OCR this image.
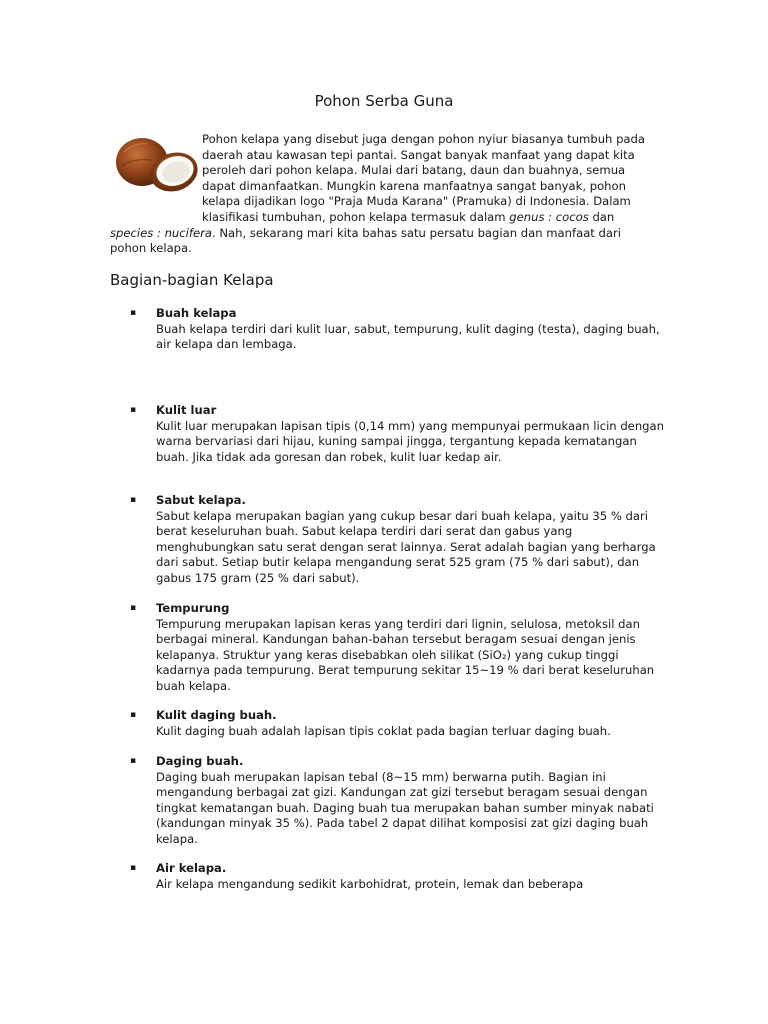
Pohon Serba Guna

Pohon kelapa yang disebut juga dengan pohon nyiur biasanya tumbuh pada daerah atau kawasan tepi pantai. Sangat banyak manfaat yang dapat kita peroleh dari pohon kelapa. Mulai dari batang, daun dan buahnya, semua dapat dimanfaatkan. Mungkin karena manfaatnya sangat banyak, pohon kelapa dijadikan logo "Praja Muda Karana" (Pramuka) di Indonesia. Dalam klasifikasi tumbuhan, pohon kelapa termasuk dalam genus : cocos dan species : nucifera. Nah, sekarang mari kita bahas satu persatu bagian dan manfaat dari pohon kelapa.

Bagian-bagian Kelapa
▪ Buah kelapa
Buah kelapa terdiri dari kulit luar, sabut, tempurung, kulit daging (testa), daging buah, air kelapa dan lembaga.
▪ Kulit luar
Kulit luar merupakan lapisan tipis (0,14 mm) yang mempunyai permukaan licin dengan warna bervariasi dari hijau, kuning sampai jingga, tergantung kepada kematangan buah. Jika tidak ada goresan dan robek, kulit luar kedap air.
▪ Sabut kelapa.
Sabut kelapa merupakan bagian yang cukup besar dari buah kelapa, yaitu 35 % dari berat keseluruhan buah. Sabut kelapa terdiri dari serat dan gabus yang menghubungkan satu serat dengan serat lainnya. Serat adalah bagian yang berharga dari sabut. Setiap butir kelapa mengandung serat 525 gram (75 % dari sabut), dan gabus 175 gram (25 % dari sabut).
▪ Tempurung
Tempurung merupakan lapisan keras yang terdiri dari lignin, selulosa, metoksil dan berbagai mineral. Kandungan bahan-bahan tersebut beragam sesuai dengan jenis kelapanya. Struktur yang keras disebabkan oleh silikat (SiO₂) yang cukup tinggi kadarnya pada tempurung. Berat tempurung sekitar 15~19 % dari berat keseluruhan buah kelapa.
▪ Kulit daging buah.
Kulit daging buah adalah lapisan tipis coklat pada bagian terluar daging buah.
▪ Daging buah.
Daging buah merupakan lapisan tebal (8~15 mm) berwarna putih. Bagian ini mengandung berbagai zat gizi. Kandungan zat gizi tersebut beragam sesuai dengan tingkat kematangan buah. Daging buah tua merupakan bahan sumber minyak nabati (kandungan minyak 35 %). Pada tabel 2 dapat dilihat komposisi zat gizi daging buah kelapa.
▪ Air kelapa.
Air kelapa mengandung sedikit karbohidrat, protein, lemak dan beberapa
